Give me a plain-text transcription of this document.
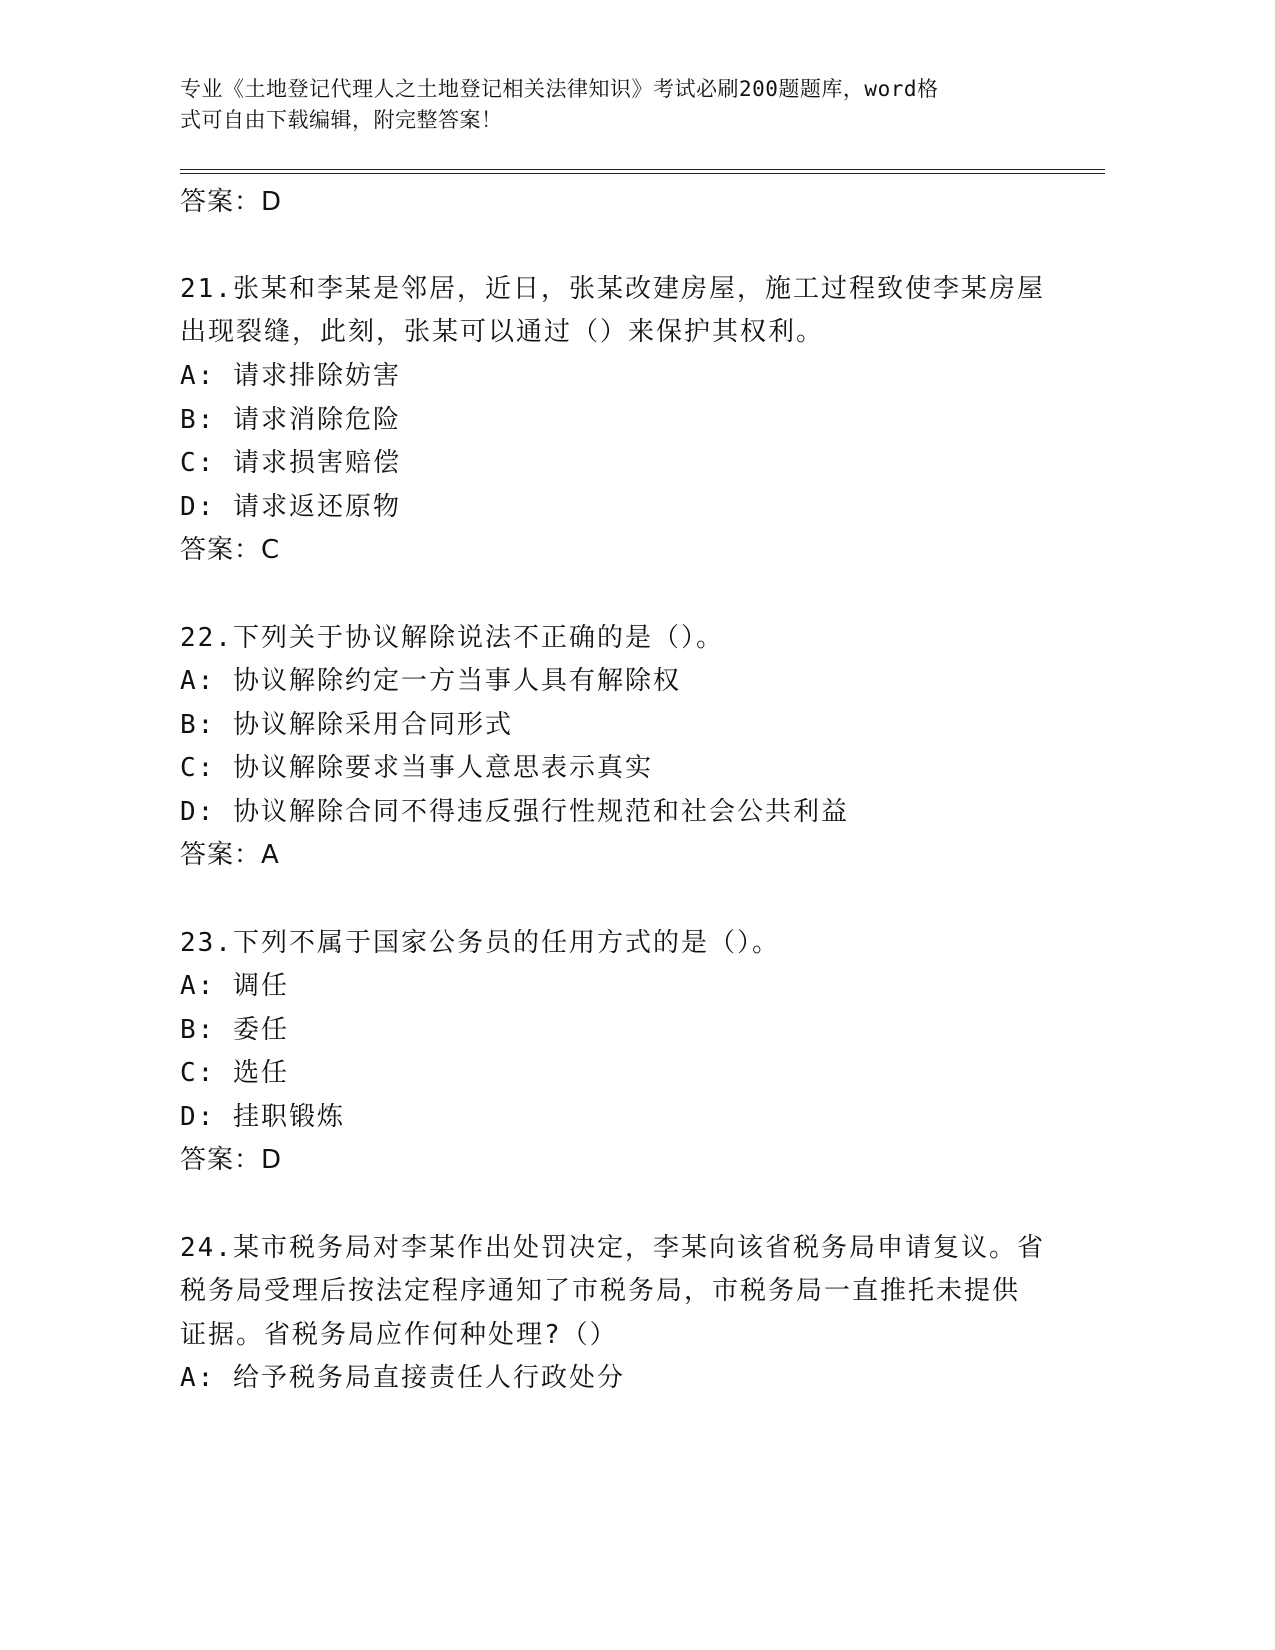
专业《土地登记代理人之土地登记相关法律知识》考试必刷200题题库，word格
式可自由下载编辑，附完整答案！
答案：D
21.张某和李某是邻居，近日，张某改建房屋，施工过程致使李某房屋
出现裂缝，此刻，张某可以通过（）来保护其权利。
A: 请求排除妨害
B: 请求消除危险
C: 请求损害赔偿
D: 请求返还原物
答案：C
22.下列关于协议解除说法不正确的是（）。
A: 协议解除约定一方当事人具有解除权
B: 协议解除采用合同形式
C: 协议解除要求当事人意思表示真实
D: 协议解除合同不得违反强行性规范和社会公共利益
答案：A
23.下列不属于国家公务员的任用方式的是（）。
A: 调任
B: 委任
C: 选任
D: 挂职锻炼
答案：D
24.某市税务局对李某作出处罚决定，李某向该省税务局申请复议。省
税务局受理后按法定程序通知了市税务局，市税务局一直推托未提供
证据。省税务局应作何种处理?（）
A: 给予税务局直接责任人行政处分
